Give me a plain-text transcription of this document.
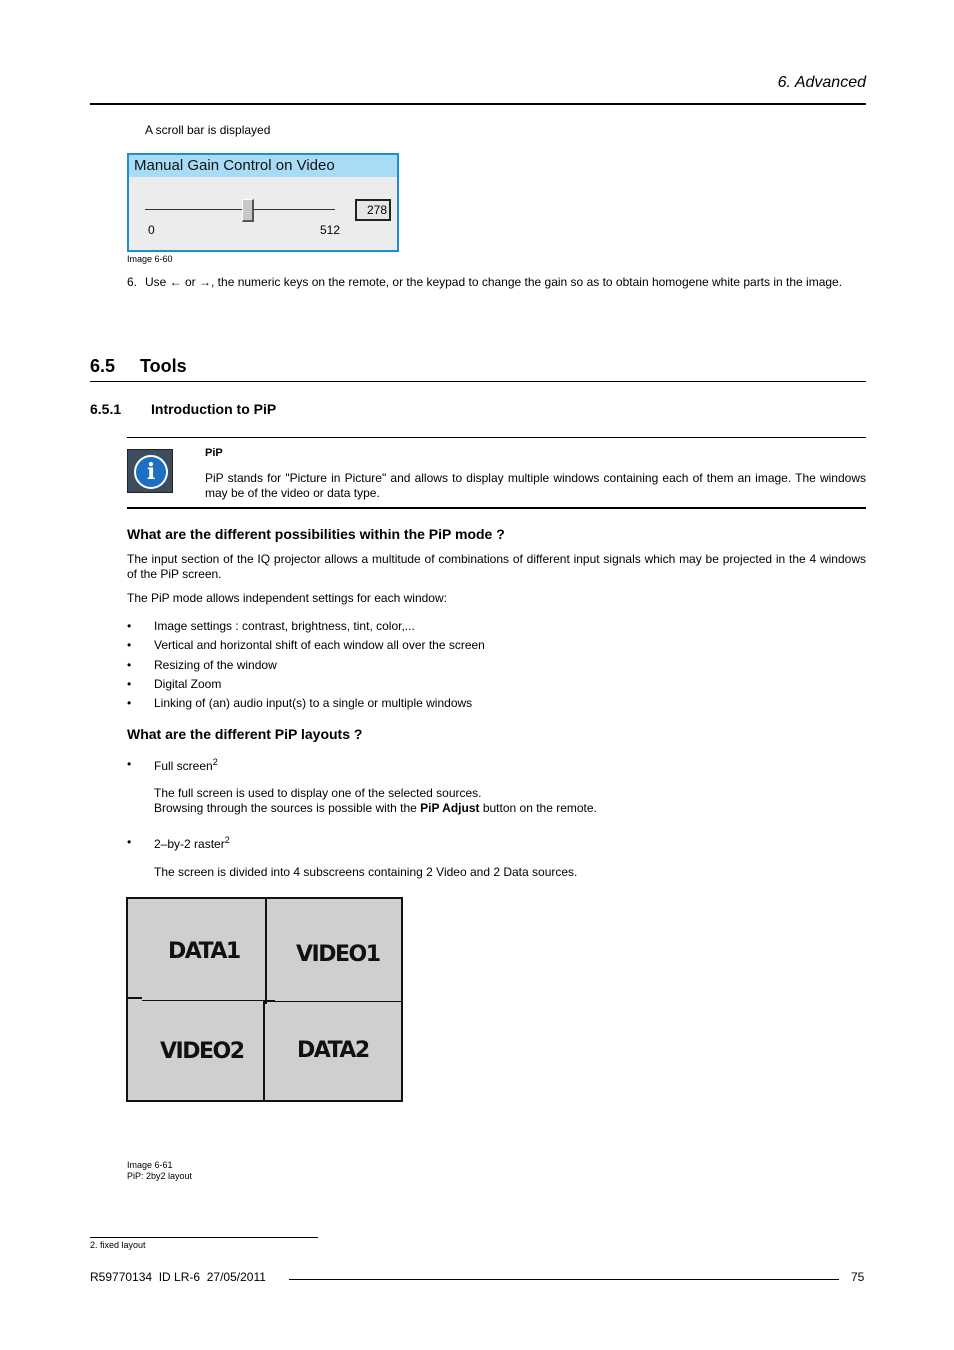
6. Advanced
A scroll bar is displayed
Manual Gain Control on Video
0	512
278
Image 6-60
6. Use ← or →, the numeric keys on the remote, or the keypad to change the gain so as to obtain homogene white parts in the image.
6.5 Tools
6.5.1 Introduction to PiP
i
PiP
PiP stands for "Picture in Picture" and allows to display multiple windows containing each of them an image. The windows may be of the video or data type.
What are the different possibilities within the PiP mode ?
The input section of the IQ projector allows a multitude of combinations of different input signals which may be projected in the 4 windows of the PiP screen.
The PiP mode allows independent settings for each window:
• Image settings : contrast, brightness, tint, color,...
• Vertical and horizontal shift of each window all over the screen
• Resizing of the window
• Digital Zoom
• Linking of (an) audio input(s) to a single or multiple windows
What are the different PiP layouts ?
• Full screen$^2$
The full screen is used to display one of the selected sources.
Browsing through the sources is possible with the PiP Adjust button on the remote.
• 2–by-2 raster$^2$
The screen is divided into 4 subscreens containing 2 Video and 2 Data sources.
DATA1	VIDEO1
VIDEO2 DATA2
Image 6-61
PiP: 2by2 layout
2. fixed layout
R59770134  ID LR-6  27/05/2011	75
